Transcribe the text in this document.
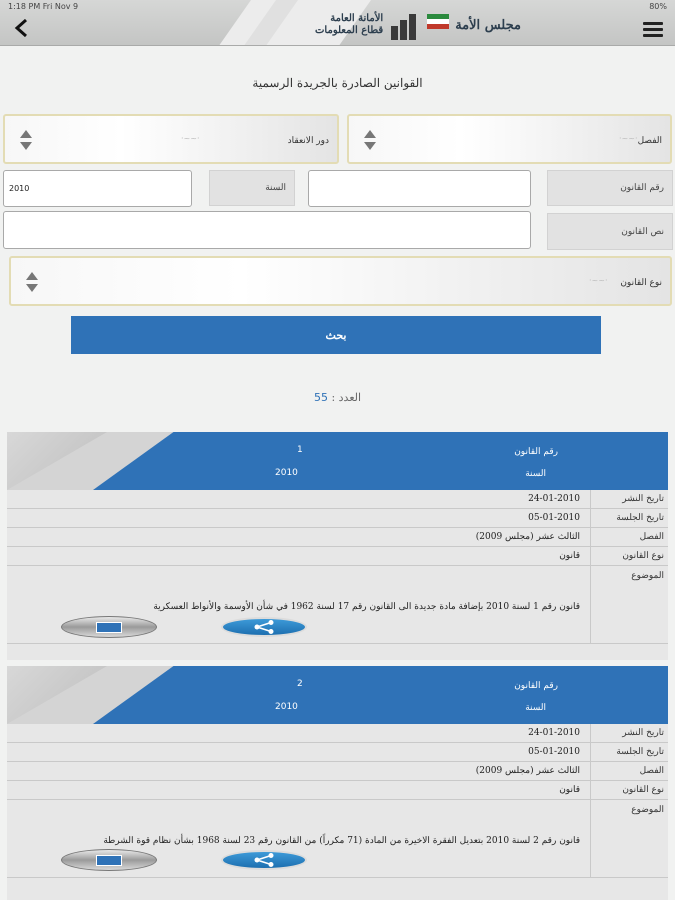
1:18 PM Fri Nov 9	80%
الأمانة العامة
قطاع المعلومات	مجلس الأمة
القوانين الصادرة بالجريدة الرسمية
الفصل
·~~·
دور الانعقاد
·~~·
رقم القانون
السنة
2010
نص القانون
نوع القانون
·~~·
بحث
العدد : 55
رقم القانون
1
السنة
2010
تاريخ النشر
24-01-2010
تاريخ الجلسة
05-01-2010
الفصل
الثالث عشر (مجلس 2009)
نوع القانون
قانون
الموضوع
قانون رقم 1 لسنة 2010 بإضافة مادة جديدة الى القانون رقم 17 لسنة 1962 في شأن الأوسمة والأنواط العسكرية
رقم القانون
2
السنة
2010
تاريخ النشر
24-01-2010
تاريخ الجلسة
05-01-2010
الفصل
الثالث عشر (مجلس 2009)
نوع القانون
قانون
الموضوع
قانون رقم 2 لسنة 2010 بتعديل الفقرة الاخيرة من المادة (71 مكرراً) من القانون رقم 23 لسنة 1968 بشأن نظام قوة الشرطة
